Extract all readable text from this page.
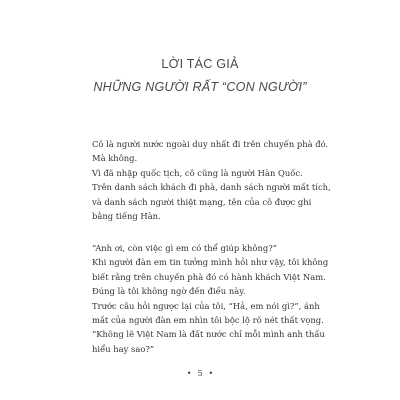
LỜI TÁC GIẢ
NHỮNG NGƯỜI RẤT “CON NGƯỜI”
Cô là người nước ngoài duy nhất đi trên chuyến phà đó.
Mà không.
Vì đã nhập quốc tịch, cô cũng là người Hàn Quốc.
Trên danh sách khách đi phà, danh sách người mất tích,
và danh sách người thiệt mạng, tên của cô được ghi
bằng tiếng Hàn.
“Anh ơi, còn việc gì em có thể giúp không?”
Khi người đàn em tin tưởng mình hỏi như vậy, tôi không
biết rằng trên chuyến phà đó có hành khách Việt Nam.
Đúng là tôi không ngờ đến điều này.
Trước câu hỏi ngược lại của tôi, “Hả, em nói gì?”, ánh
mắt của người đàn em nhìn tôi bộc lộ rõ nét thất vọng.
“Không lẽ Việt Nam là đất nước chỉ mỗi mình anh thấu
hiểu hay sao?”
• 5 •
